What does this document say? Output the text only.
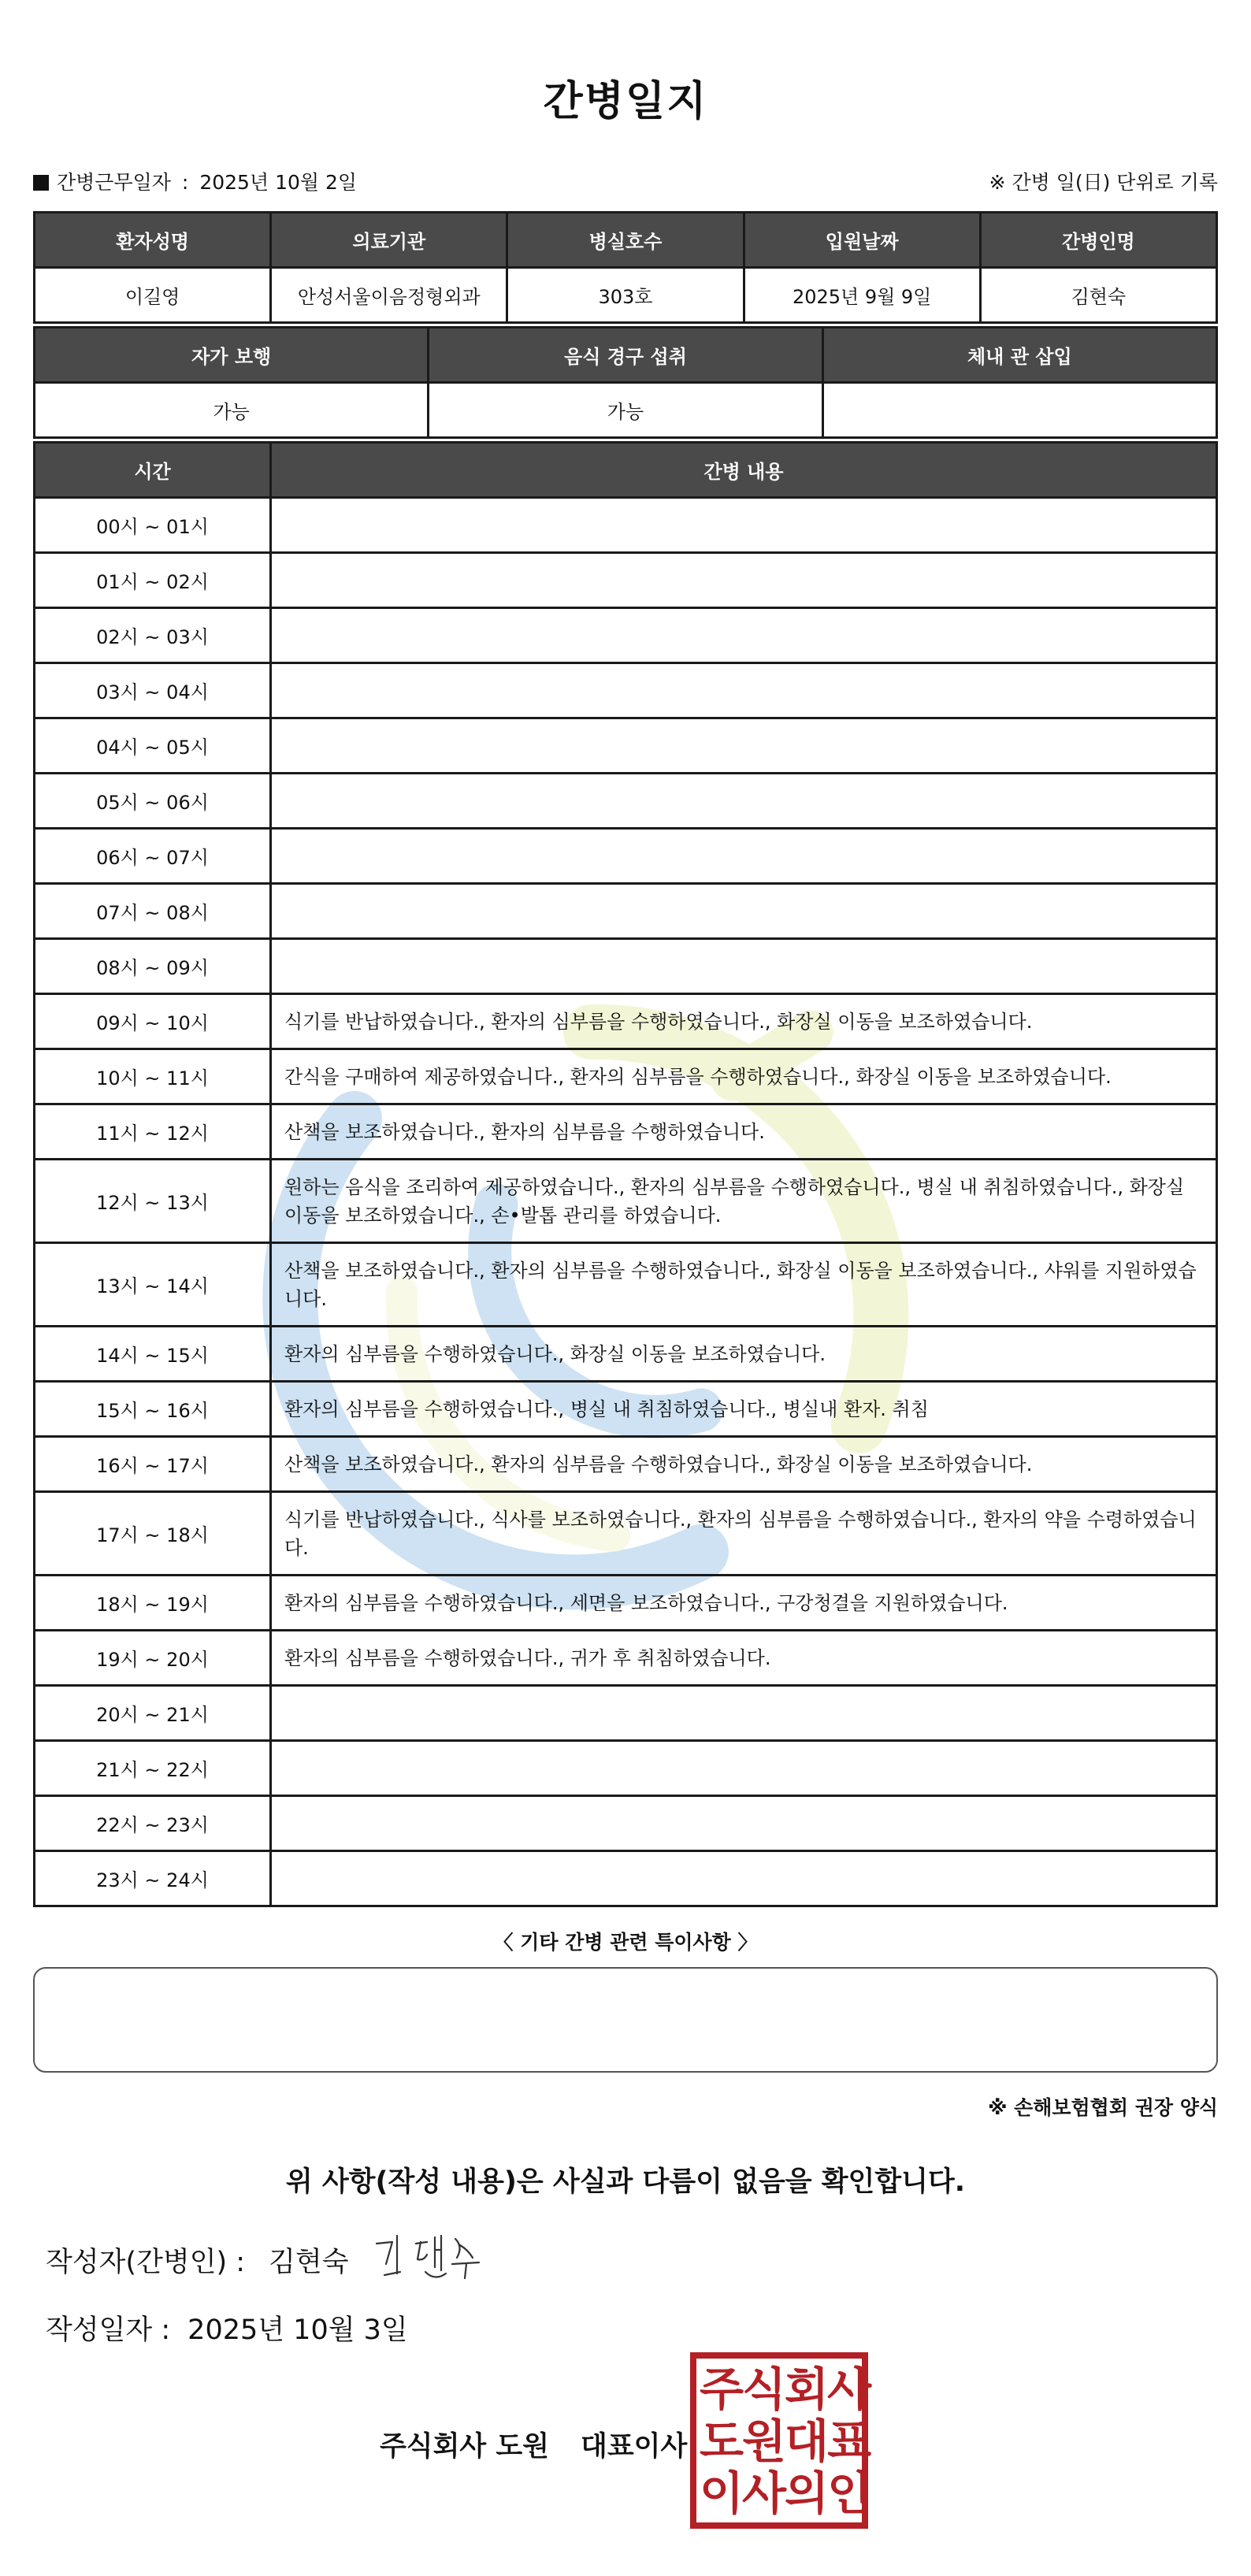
간병일지
간병근무일자 : 2025년 10월 2일	※ 간병 일(日) 단위로 기록
환자성명	의료기관	병실호수	입원날짜	간병인명
이길영	안성서울이음정형외과	303호	2025년 9월 9일	김현숙
자가 보행	음식 경구 섭취	체내 관 삽입
가능	가능	
시간	간병 내용
00시 ~ 01시	
01시 ~ 02시	
02시 ~ 03시	
03시 ~ 04시	
04시 ~ 05시	
05시 ~ 06시	
06시 ~ 07시	
07시 ~ 08시	
08시 ~ 09시	
09시 ~ 10시	식기를 반납하였습니다., 환자의 심부름을 수행하였습니다., 화장실 이동을 보조하였습니다.
10시 ~ 11시	간식을 구매하여 제공하였습니다., 환자의 심부름을 수행하였습니다., 화장실 이동을 보조하였습니다.
11시 ~ 12시	산책을 보조하였습니다., 환자의 심부름을 수행하였습니다.
12시 ~ 13시	원하는 음식을 조리하여 제공하였습니다., 환자의 심부름을 수행하였습니다., 병실 내 취침하였습니다., 화장실 이동을 보조하였습니다., 손•발톱 관리를 하였습니다.
13시 ~ 14시	산책을 보조하였습니다., 환자의 심부름을 수행하였습니다., 화장실 이동을 보조하였습니다., 샤워를 지원하였습니다.
14시 ~ 15시	환자의 심부름을 수행하였습니다., 화장실 이동을 보조하였습니다.
15시 ~ 16시	환자의 심부름을 수행하였습니다., 병실 내 취침하였습니다., 병실내 환자. 취침
16시 ~ 17시	산책을 보조하였습니다., 환자의 심부름을 수행하였습니다., 화장실 이동을 보조하였습니다.
17시 ~ 18시	식기를 반납하였습니다., 식사를 보조하였습니다., 환자의 심부름을 수행하였습니다., 환자의 약을 수령하였습니다.
18시 ~ 19시	환자의 심부름을 수행하였습니다., 세면을 보조하였습니다., 구강청결을 지원하였습니다.
19시 ~ 20시	환자의 심부름을 수행하였습니다., 귀가 후 취침하였습니다.
20시 ~ 21시	
21시 ~ 22시	
22시 ~ 23시	
23시 ~ 24시	
〈 기타 간병 관련 특이사항 〉
※ 손해보험협회 권장 양식
위 사항(작성 내용)은 사실과 다름이 없음을 확인합니다.
작성자(간병인) : 김현숙
작성일자 : 2025년 10월 3일
주식회사 도원 대표이사
주식회사
도원대표
이사의인
